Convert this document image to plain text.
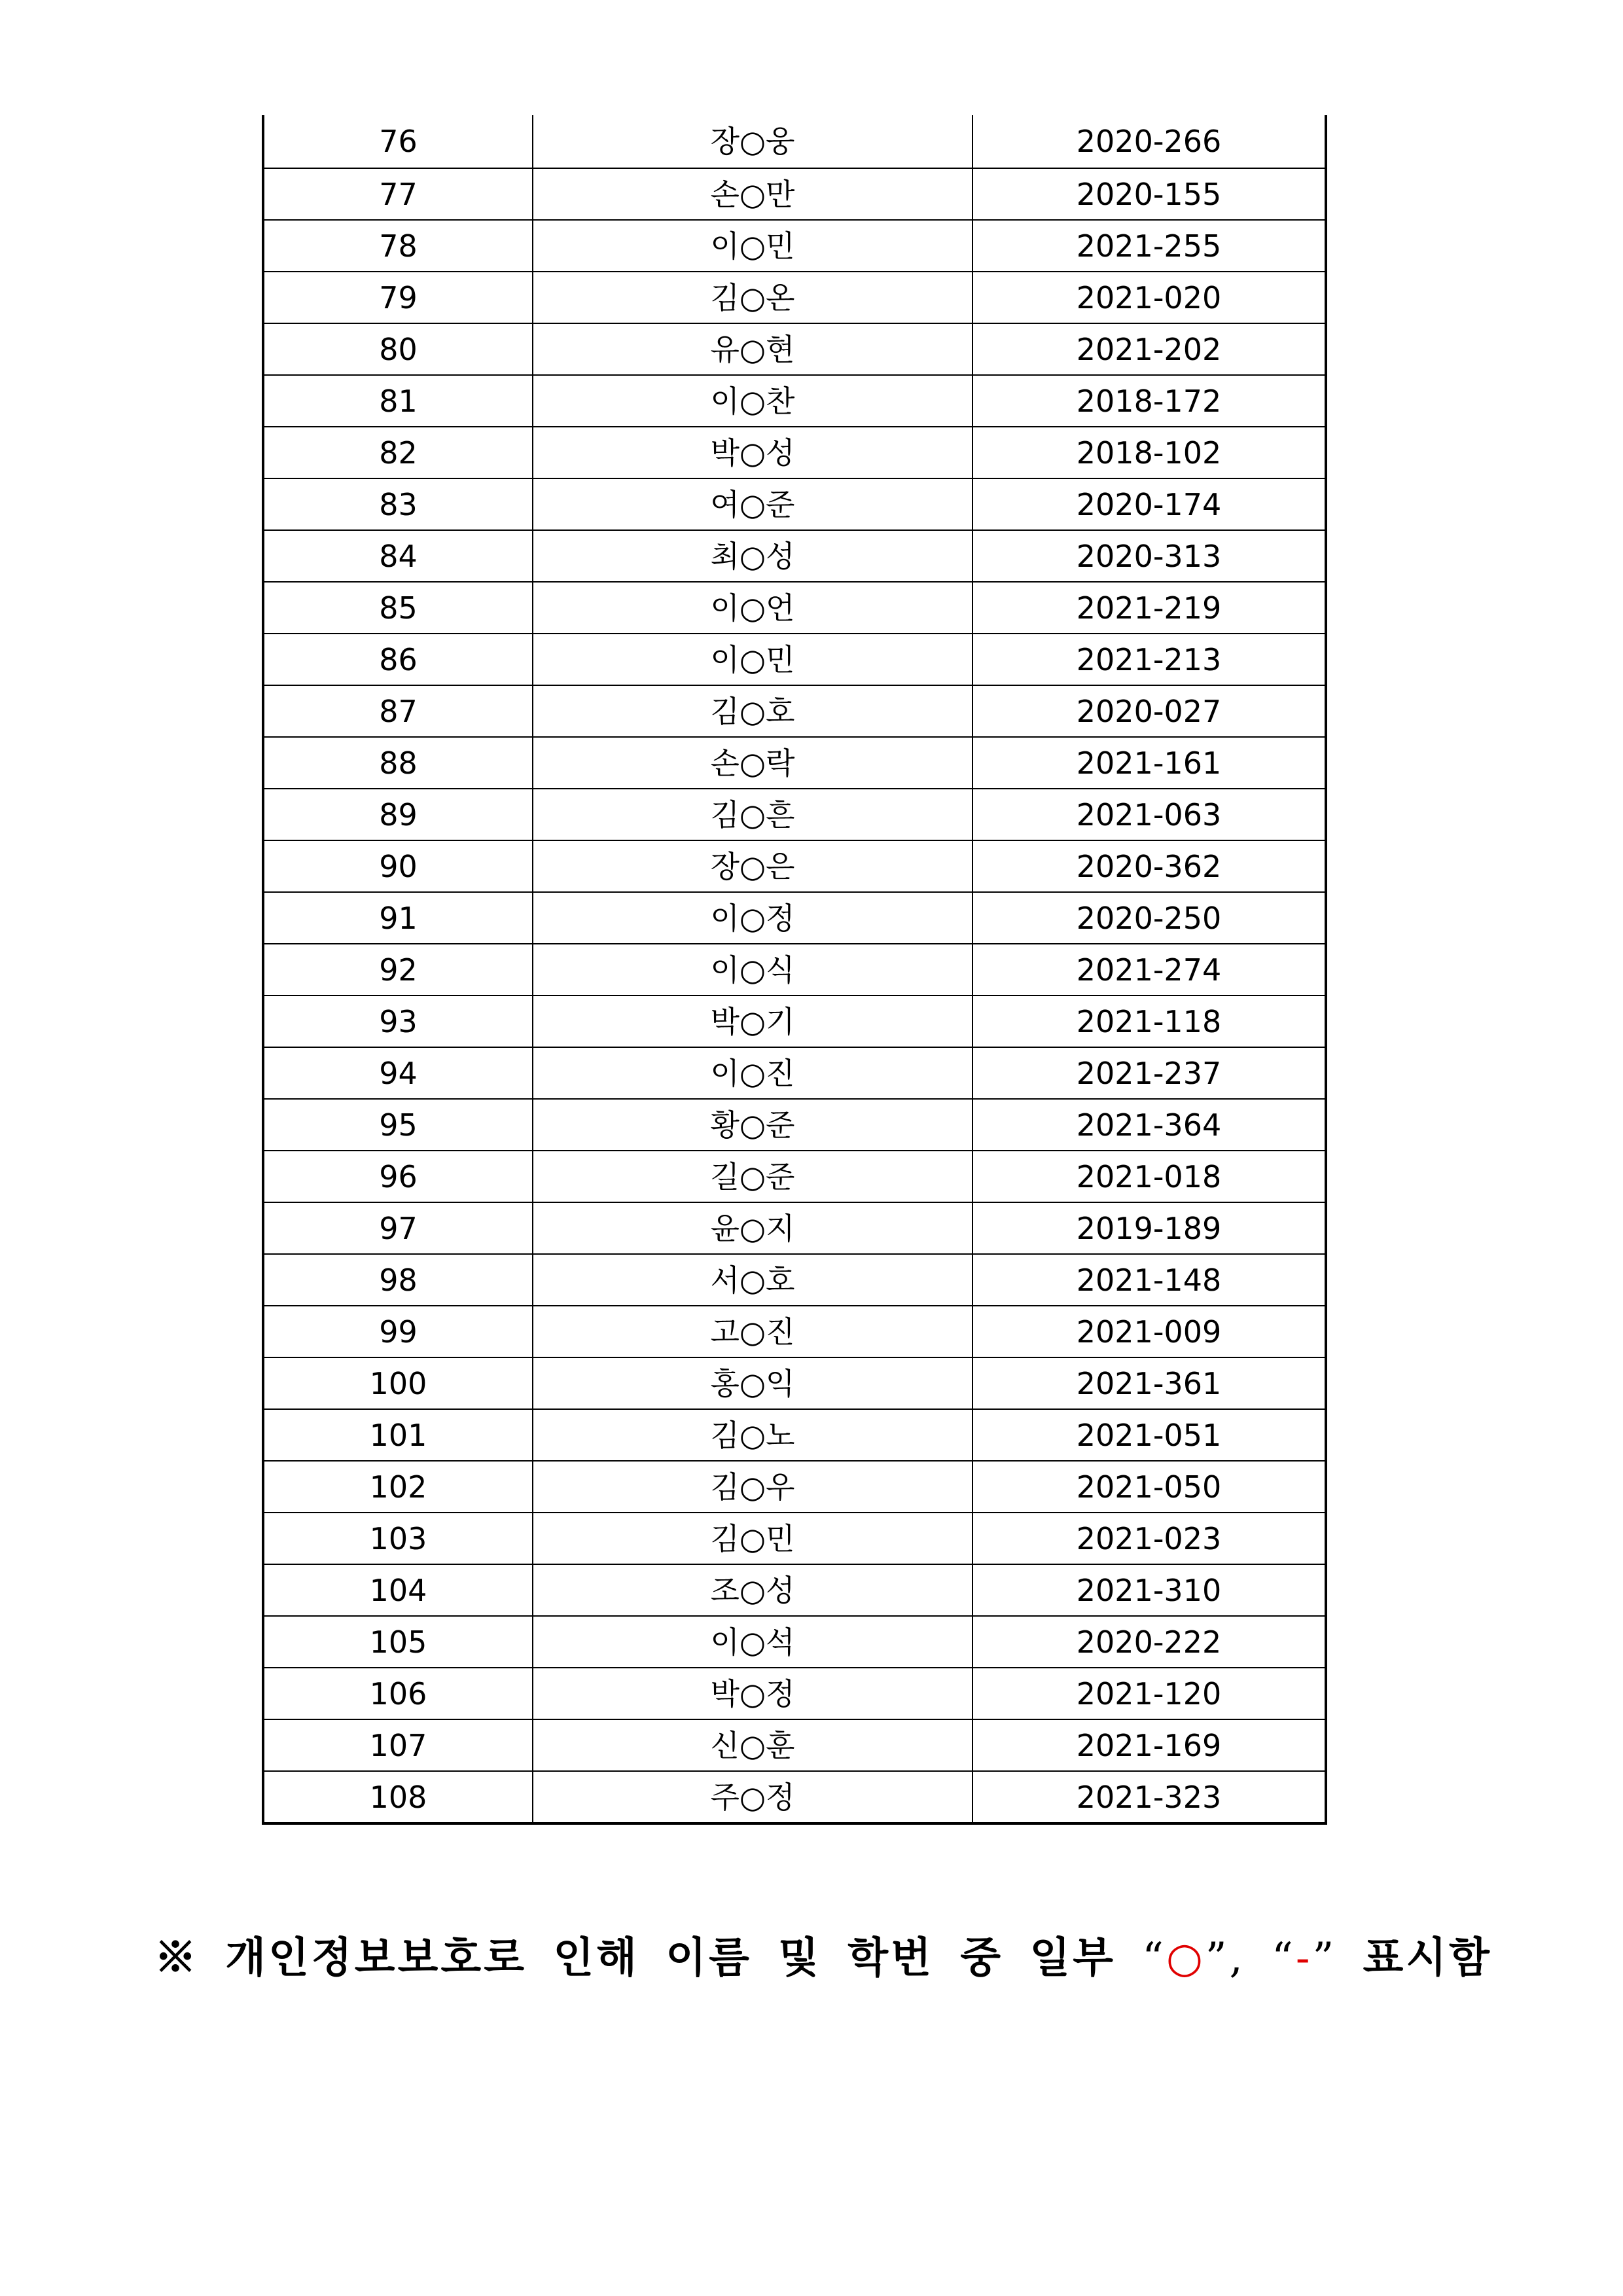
76	장○웅	2020-266
77	손○만	2020-155
78	이○민	2021-255
79	김○온	2021-020
80	유○현	2021-202
81	이○찬	2018-172
82	박○성	2018-102
83	여○준	2020-174
84	최○성	2020-313
85	이○언	2021-219
86	이○민	2021-213
87	김○호	2020-027
88	손○락	2021-161
89	김○흔	2021-063
90	장○은	2020-362
91	이○정	2020-250
92	이○식	2021-274
93	박○기	2021-118
94	이○진	2021-237
95	황○준	2021-364
96	길○준	2021-018
97	윤○지	2019-189
98	서○호	2021-148
99	고○진	2021-009
100	홍○익	2021-361
101	김○노	2021-051
102	김○우	2021-050
103	김○민	2021-023
104	조○성	2021-310
105	이○석	2020-222
106	박○정	2021-120
107	신○훈	2021-169
108	주○정	2021-323
※ 개인정보보호로 인해 이름 및 학번 중 일부 “○”, “-” 표시함
